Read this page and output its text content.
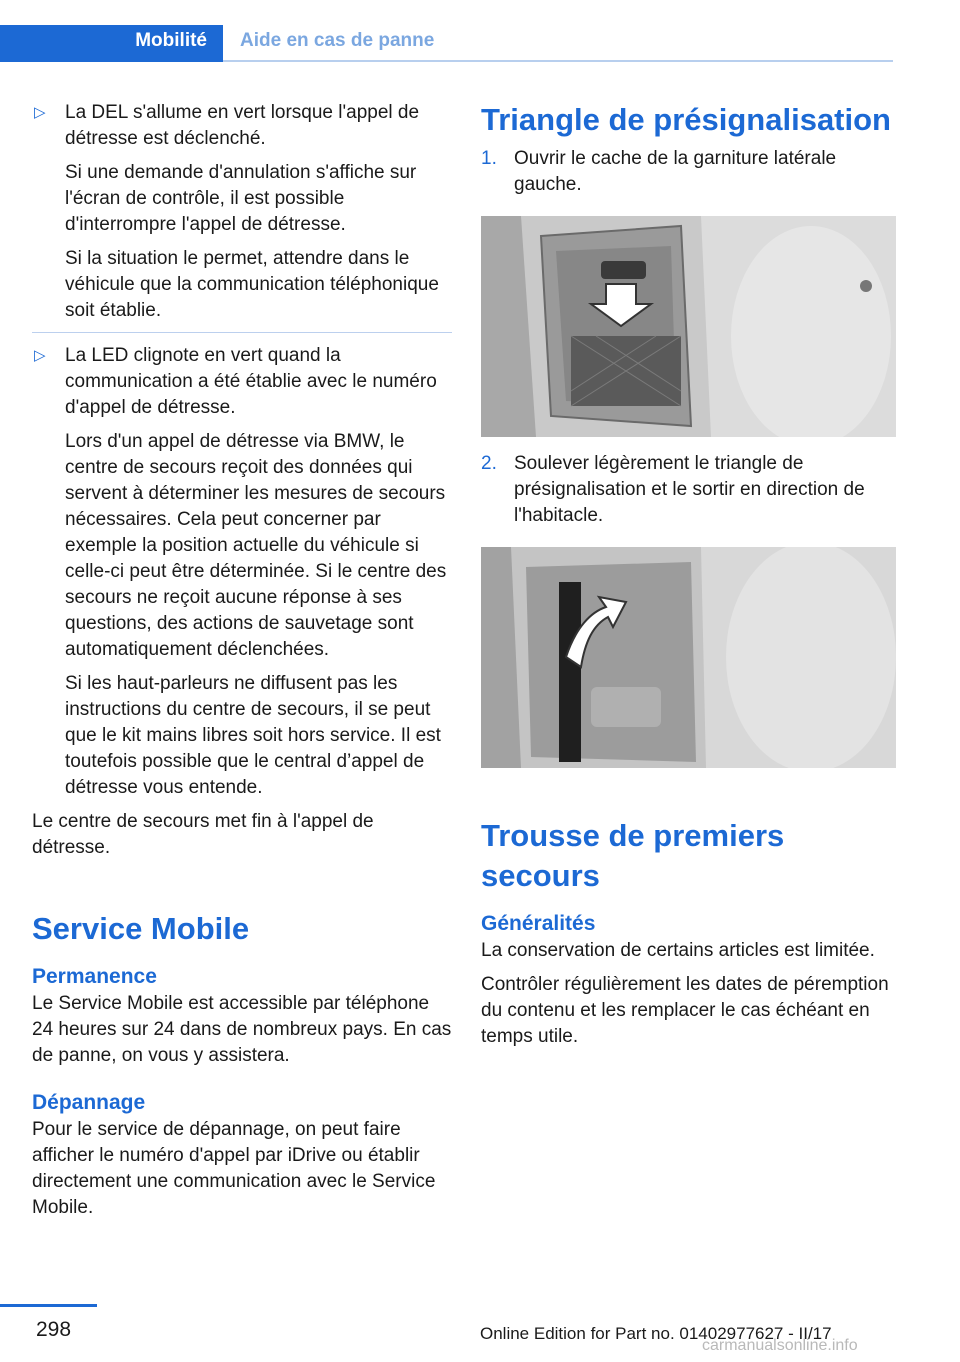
Mobilité Aide en cas de panne
▷ La DEL s'allume en vert lorsque l'appel de détresse est déclenché.

Si une demande d'annulation s'affiche sur l'écran de contrôle, il est possible d'interrompre l'appel de détresse.

Si la situation le permet, attendre dans le véhicule que la communication téléphonique soit établie.

▷ La LED clignote en vert quand la communication a été établie avec le numéro d'appel de détresse.

Lors d'un appel de détresse via BMW, le centre de secours reçoit des données qui servent à déterminer les mesures de secours nécessaires. Cela peut concerner par exemple la position actuelle du véhicule si celle-ci peut être déterminée. Si le centre des secours ne reçoit aucune réponse à ses questions, des actions de sauvetage sont automatiquement déclenchées.

Si les haut-parleurs ne diffusent pas les instructions du centre de secours, il se peut que le kit mains libres soit hors service. Il est toutefois possible que le central d’appel de détresse vous entende.

Le centre de secours met fin à l'appel de détresse.

Service Mobile
Permanence

Le Service Mobile est accessible par téléphone 24 heures sur 24 dans de nombreux pays. En cas de panne, on vous y assistera.

Dépannage

Pour le service de dépannage, on peut faire afficher le numéro d'appel par iDrive ou établir directement une communication avec le Service Mobile.

Triangle de présignalisation
1. Ouvrir le cache de la garniture latérale gauche.

2. Soulever légèrement le triangle de présignalisation et le sortir en direction de l'habitacle.

Trousse de premiers secours
Généralités

La conservation de certains articles est limitée.

Contrôler régulièrement les dates de péremption du contenu et les remplacer le cas échéant en temps utile.

298	Online Edition for Part no. 01402977627 - II/17
carmanualsonline.info
